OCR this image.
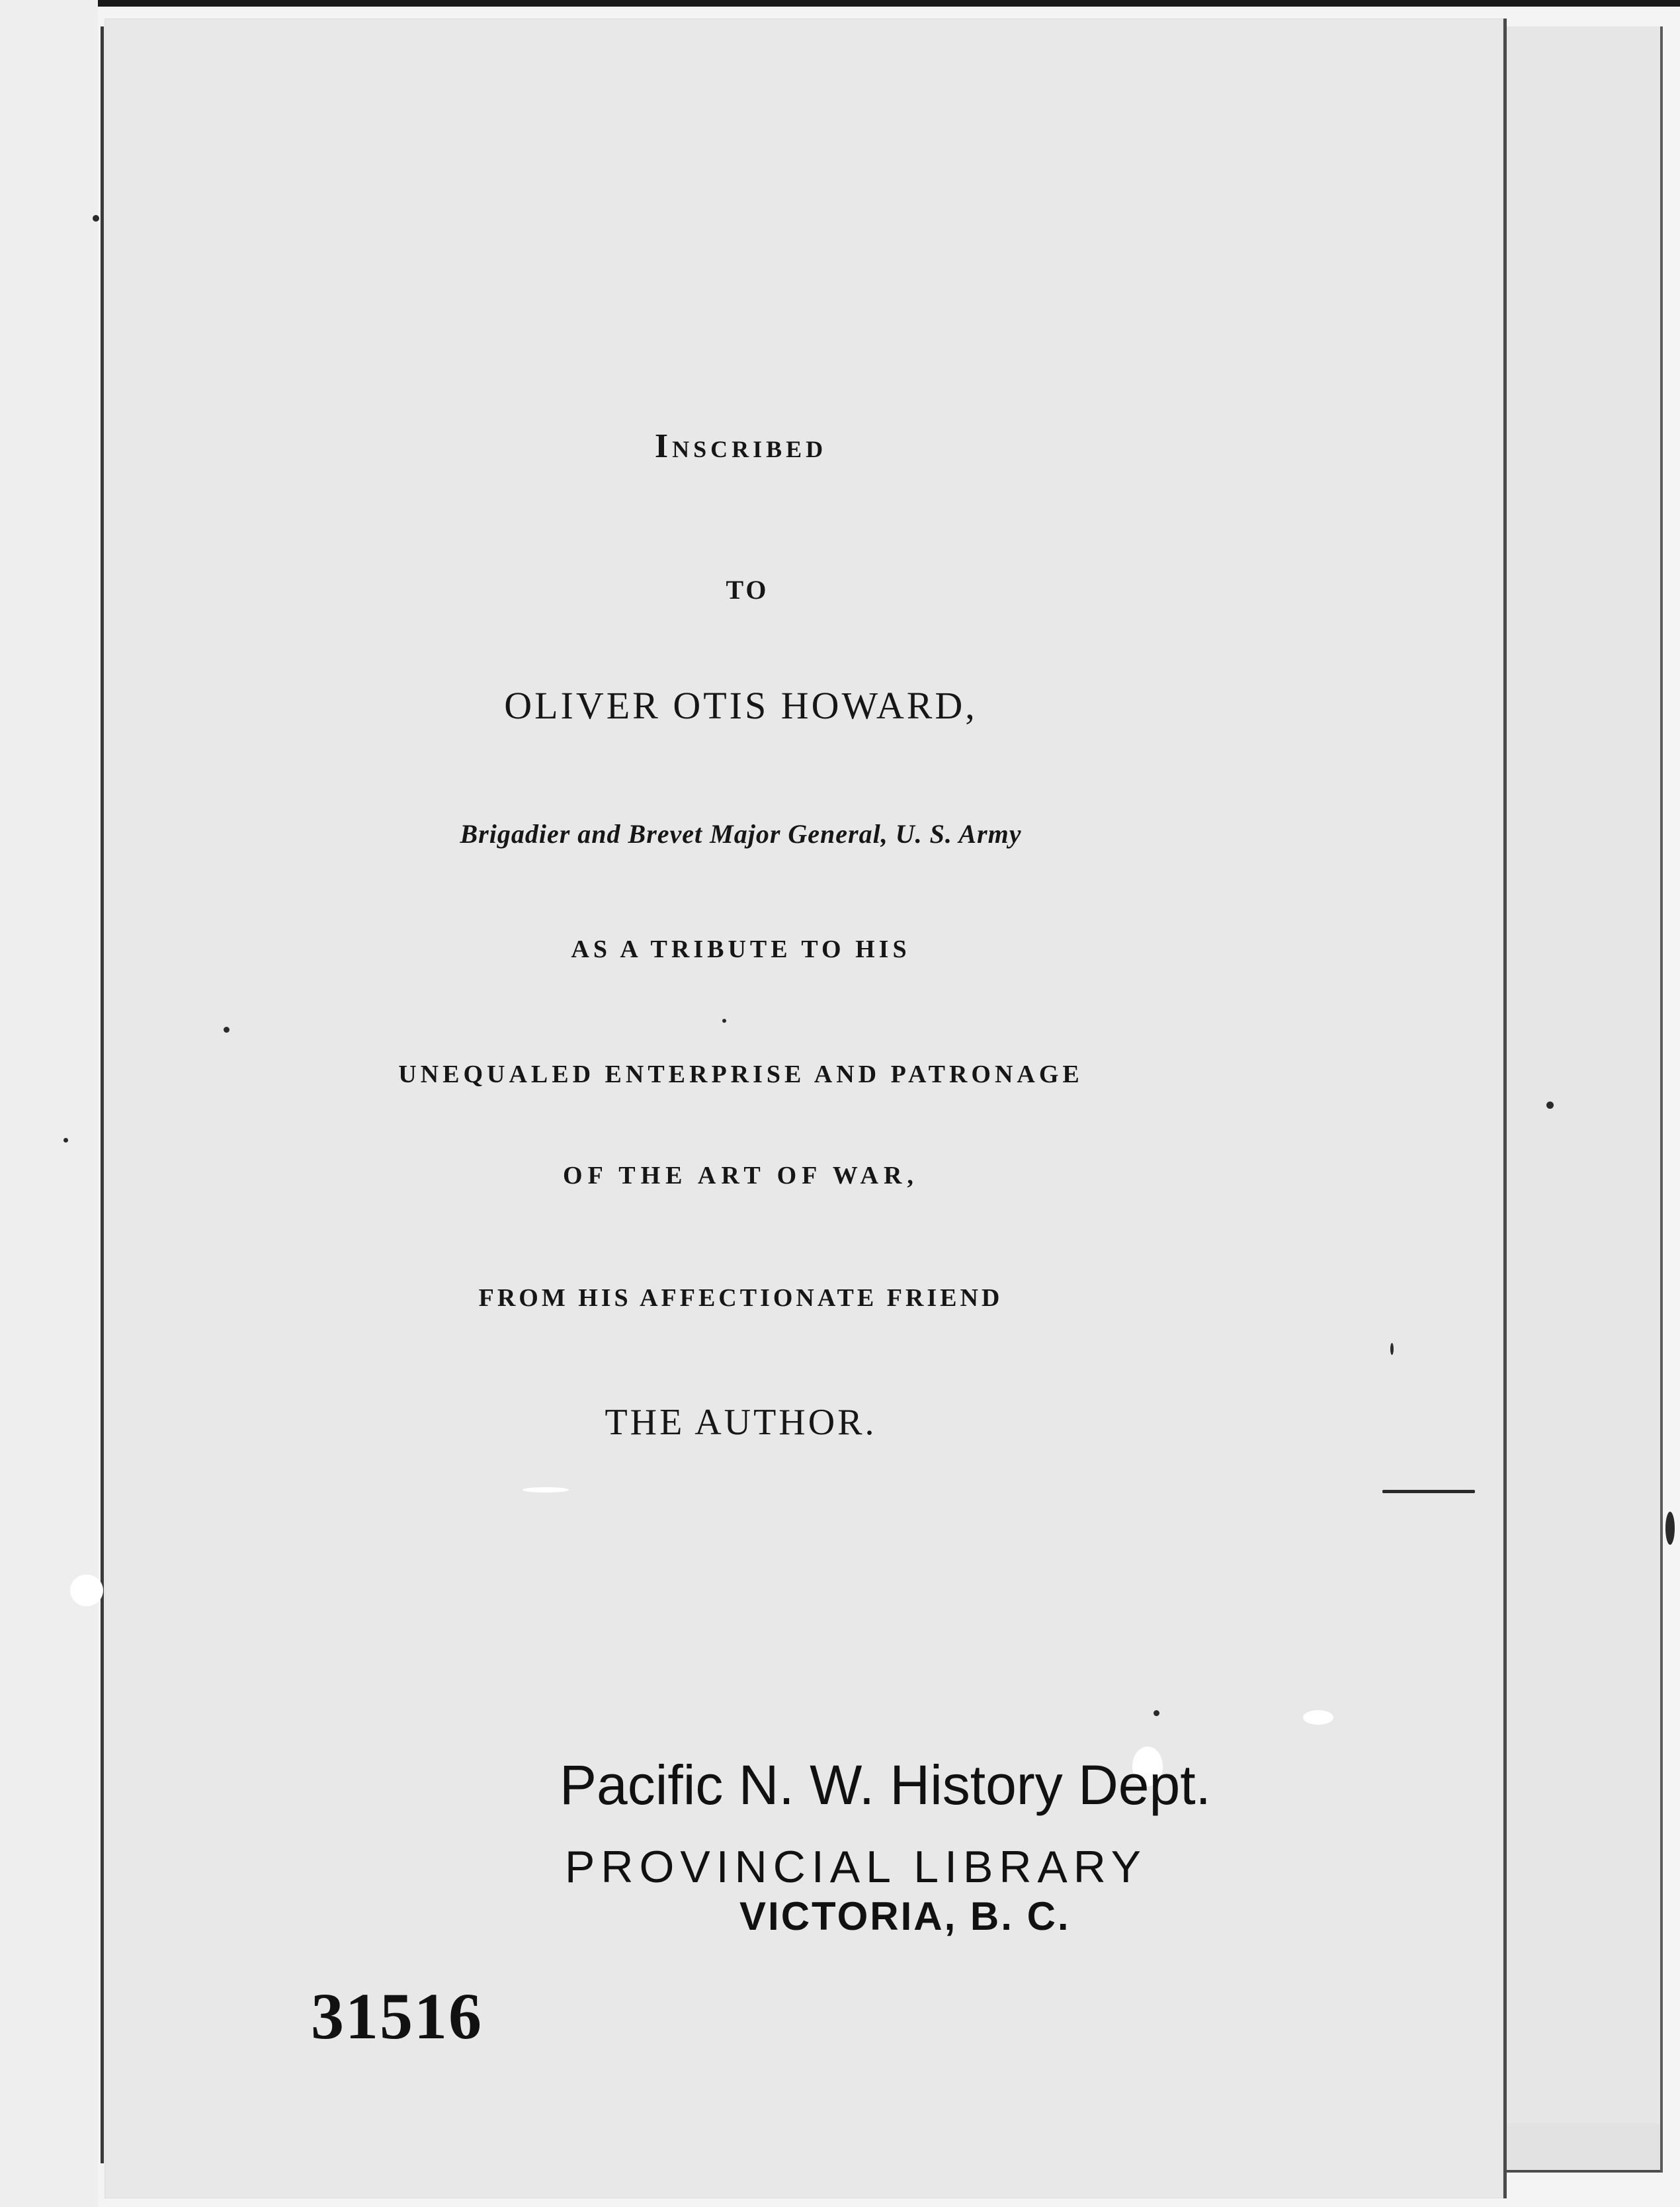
Inscribed

TO

OLIVER OTIS HOWARD,

Brigadier and Brevet Major General, U. S. Army

AS A TRIBUTE TO HIS

UNEQUALED ENTERPRISE AND PATRONAGE

OF THE ART OF WAR,

FROM HIS AFFECTIONATE FRIEND

THE AUTHOR.

Pacific N. W. History Dept.

PROVINCIAL LIBRARY

VICTORIA, B. C.

31516
